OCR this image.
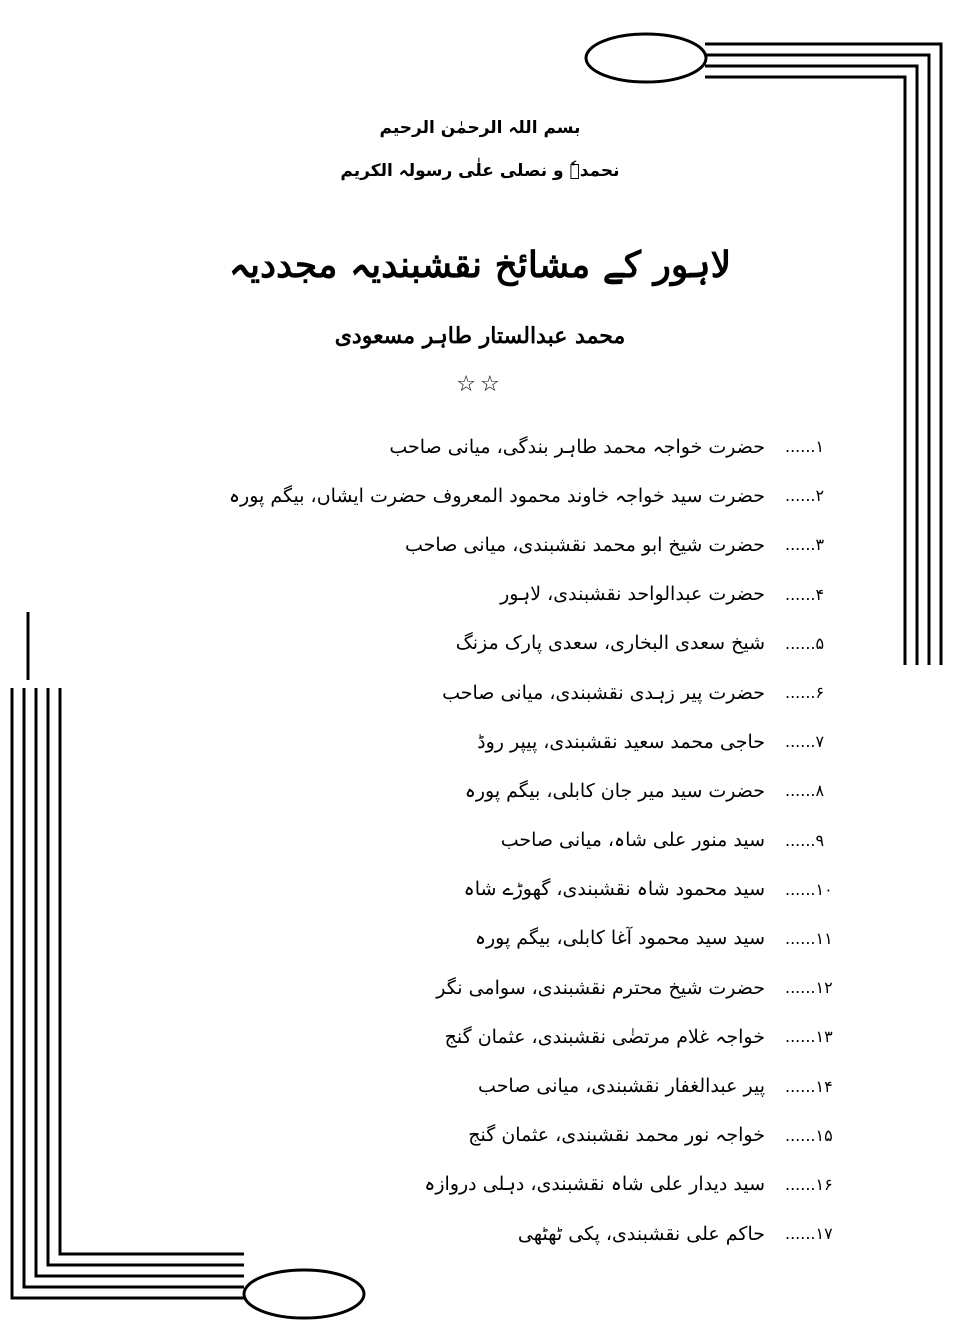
بسم اللہ الرحمٰن الرحیم
نحمدہٗ و نصلی علٰی رسولہ الکریم
لاہور کے مشائخ نقشبندیہ مجددیہ
محمد عبدالستار طاہر مسعودی
☆☆
حضرت خواجہ محمد طاہر بندگی، میانی صاحب ۱......
حضرت سید خواجہ خاوند محمود المعروف حضرت ایشاں، بیگم پورہ ۲......
حضرت شیخ ابو محمد نقشبندی، میانی صاحب ۳......
حضرت عبدالواحد نقشبندی، لاہور ۴......
شیخ سعدی البخاری، سعدی پارک مزنگ ۵......
حضرت پیر زہدی نقشبندی، میانی صاحب ۶......
حاجی محمد سعید نقشبندی، پیپر روڈ ۷......
حضرت سید میر جان کابلی، بیگم پورہ ۸......
سید منور علی شاہ، میانی صاحب ۹......
سید محمود شاہ نقشبندی، گھوڑے شاہ ۱۰......
سید سید محمود آغا کابلی، بیگم پورہ ۱۱......
حضرت شیخ محترم نقشبندی، سوامی نگر ۱۲......
خواجہ غلام مرتضٰی نقشبندی، عثمان گنج ۱۳......
پیر عبدالغفار نقشبندی، میانی صاحب ۱۴......
خواجہ نور محمد نقشبندی، عثمان گنج ۱۵......
سید دیدار علی شاہ نقشبندی، دہلی دروازہ ۱۶......
حاکم علی نقشبندی، پکی ٹھٹھی ۱۷......
